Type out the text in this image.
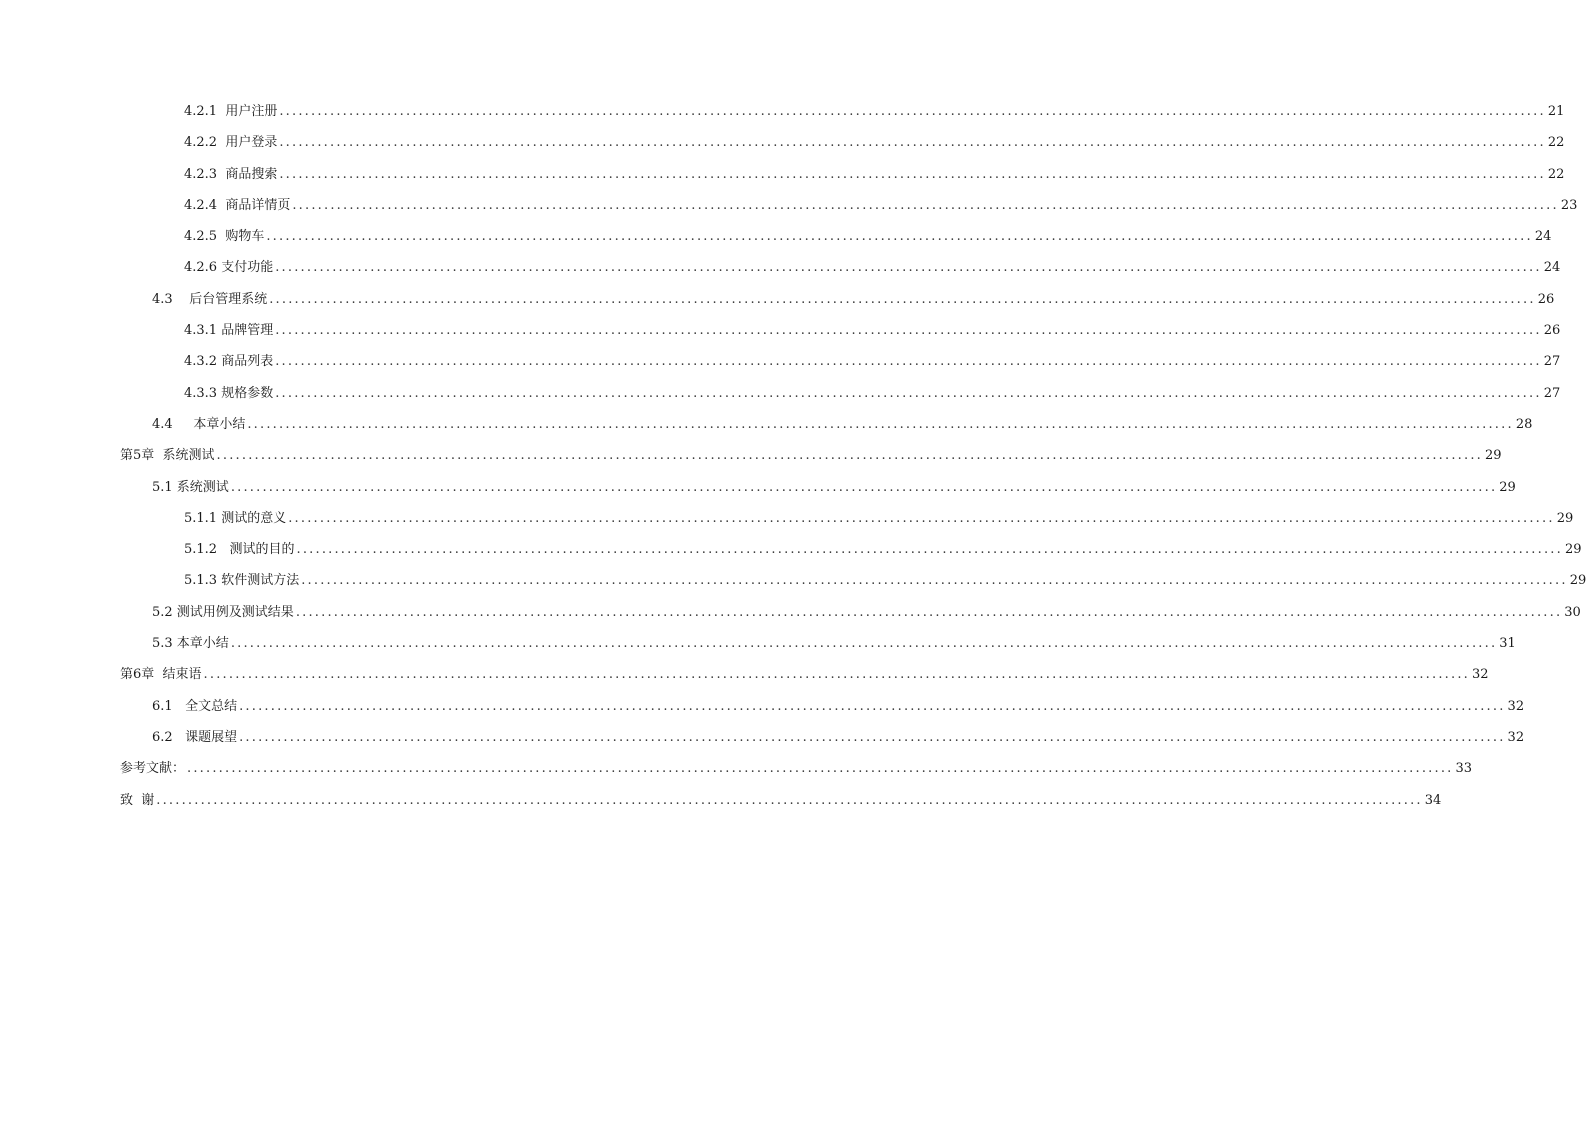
4.2.1  用户注册 ........................................................................................................................................................................................................ 21
4.2.2  用户登录 ........................................................................................................................................................................................................ 22
4.2.3  商品搜索 ........................................................................................................................................................................................................ 22
4.2.4  商品详情页 ........................................................................................................................................................................................................ 23
4.2.5  购物车 ........................................................................................................................................................................................................ 24
4.2.6 支付功能 ........................................................................................................................................................................................................ 24
4.3    后台管理系统 ........................................................................................................................................................................................................ 26
4.3.1 品牌管理 ........................................................................................................................................................................................................ 26
4.3.2 商品列表 ........................................................................................................................................................................................................ 27
4.3.3 规格参数 ........................................................................................................................................................................................................ 27
4.4     本章小结 ........................................................................................................................................................................................................ 28
第5章  系统测试 ........................................................................................................................................................................................................ 29
5.1 系统测试 ........................................................................................................................................................................................................ 29
5.1.1 测试的意义 ........................................................................................................................................................................................................ 29
5.1.2   测试的目的 ........................................................................................................................................................................................................ 29
5.1.3 软件测试方法 ........................................................................................................................................................................................................ 29
5.2 测试用例及测试结果 ........................................................................................................................................................................................................ 30
5.3 本章小结 ........................................................................................................................................................................................................ 31
第6章  结束语 ........................................................................................................................................................................................................ 32
6.1   全文总结 ........................................................................................................................................................................................................ 32
6.2   课题展望 ........................................................................................................................................................................................................ 32
参考文献： ........................................................................................................................................................................................................ 33
致  谢 ........................................................................................................................................................................................................ 34
